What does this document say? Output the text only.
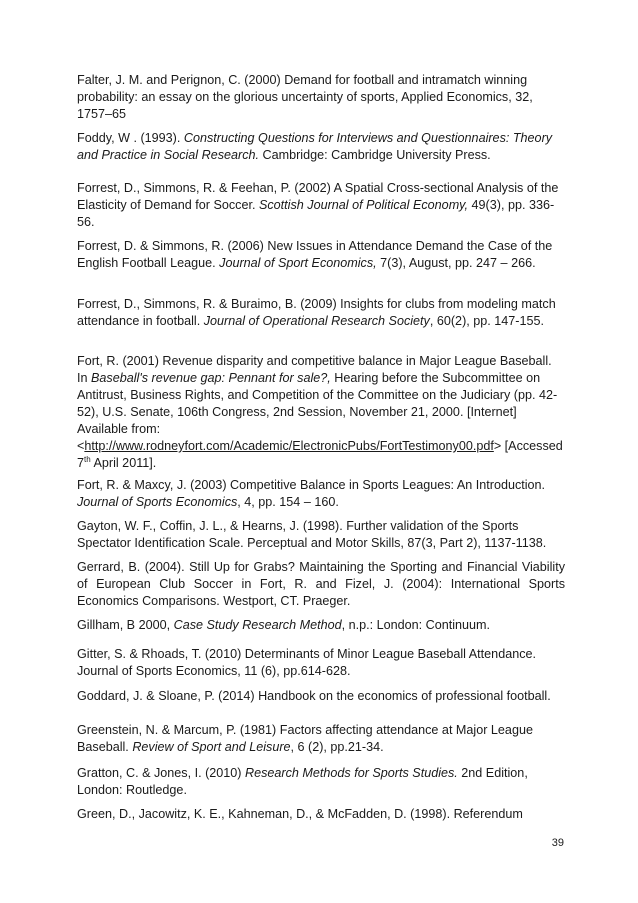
Falter, J. M. and Perignon, C. (2000) Demand for football and intramatch winning probability: an essay on the glorious uncertainty of sports, Applied Economics, 32, 1757–65

Foddy, W . (1993). Constructing Questions for Interviews and Questionnaires: Theory and Practice in Social Research. Cambridge: Cambridge University Press.

Forrest, D., Simmons, R. & Feehan, P. (2002) A Spatial Cross-sectional Analysis of the Elasticity of Demand for Soccer. Scottish Journal of Political Economy, 49(3), pp. 336-56.

Forrest, D. & Simmons, R. (2006) New Issues in Attendance Demand the Case of the English Football League. Journal of Sport Economics, 7(3), August, pp. 247 – 266.

Forrest, D., Simmons, R. & Buraimo, B. (2009) Insights for clubs from modeling match attendance in football. Journal of Operational Research Society, 60(2), pp. 147-155.

Fort, R. (2001) Revenue disparity and competitive balance in Major League Baseball. In Baseball's revenue gap: Pennant for sale?, Hearing before the Subcommittee on Antitrust, Business Rights, and Competition of the Committee on the Judiciary (pp. 42-52), U.S. Senate, 106th Congress, 2nd Session, November 21, 2000. [Internet] Available from: <http://www.rodneyfort.com/Academic/ElectronicPubs/FortTestimony00.pdf> [Accessed 7th April 2011].

Fort, R. & Maxcy, J. (2003) Competitive Balance in Sports Leagues: An Introduction. Journal of Sports Economics, 4, pp. 154 – 160.

Gayton, W. F., Coffin, J. L., & Hearns, J. (1998). Further validation of the Sports Spectator Identification Scale. Perceptual and Motor Skills, 87(3, Part 2), 1137-1138.

Gerrard, B. (2004). Still Up for Grabs? Maintaining the Sporting and Financial Viability of European Club Soccer in Fort, R. and Fizel, J. (2004): International Sports Economics Comparisons. Westport, CT. Praeger.

Gillham, B 2000, Case Study Research Method, n.p.: London: Continuum.

Gitter, S. & Rhoads, T. (2010) Determinants of Minor League Baseball Attendance. Journal of Sports Economics, 11 (6), pp.614-628.

Goddard, J. & Sloane, P. (2014) Handbook on the economics of professional football.

Greenstein, N. & Marcum, P. (1981) Factors affecting attendance at Major League Baseball. Review of Sport and Leisure, 6 (2), pp.21-34.

Gratton, C. & Jones, I. (2010) Research Methods for Sports Studies. 2nd Edition, London: Routledge.

Green, D., Jacowitz, K. E., Kahneman, D., & McFadden, D. (1998). Referendum

39
